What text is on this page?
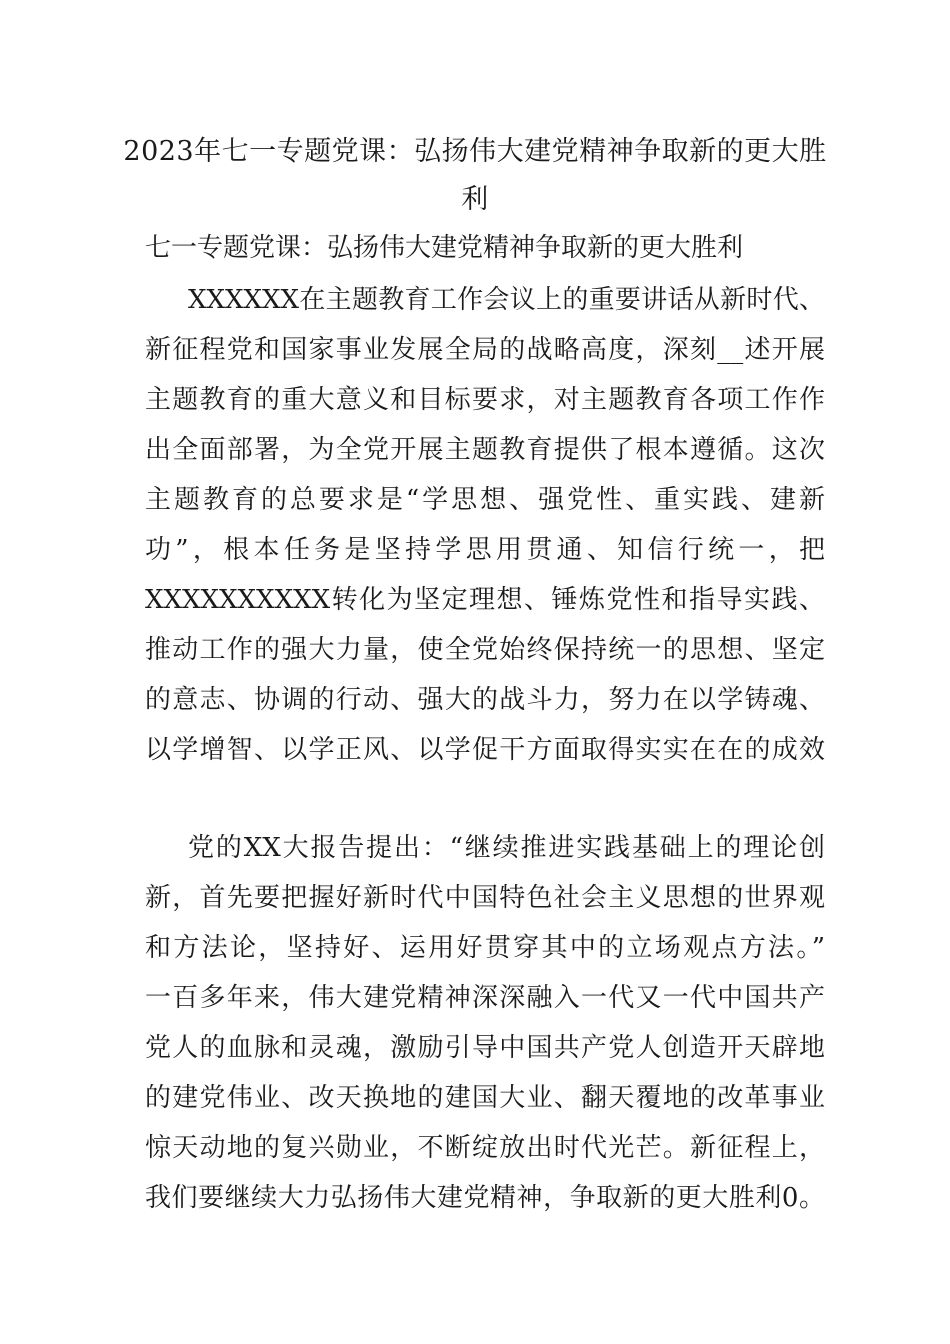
2023年七一专题党课：弘扬伟大建党精神争取新的更大胜
利
七一专题党课：弘扬伟大建党精神争取新的更大胜利
XXXXXX在主题教育工作会议上的重要讲话从新时代、
新征程党和国家事业发展全局的战略高度，深刻__述开展
主题教育的重大意义和目标要求，对主题教育各项工作作
出全面部署，为全党开展主题教育提供了根本遵循。这次
主题教育的总要求是“学思想、强党性、重实践、建新
功”，根本任务是坚持学思用贯通、知信行统一，把
XXXXXXXXXX转化为坚定理想、锤炼党性和指导实践、
推动工作的强大力量，使全党始终保持统一的思想、坚定
的意志、协调的行动、强大的战斗力，努力在以学铸魂、
以学增智、以学正风、以学促干方面取得实实在在的成效
党的XX大报告提出：“继续推进实践基础上的理论创
新，首先要把握好新时代中国特色社会主义思想的世界观
和方法论，坚持好、运用好贯穿其中的立场观点方法。”
一百多年来，伟大建党精神深深融入一代又一代中国共产
党人的血脉和灵魂，激励引导中国共产党人创造开天辟地
的建党伟业、改天换地的建国大业、翻天覆地的改革事业
惊天动地的复兴勋业，不断绽放出时代光芒。新征程上，
我们要继续大力弘扬伟大建党精神，争取新的更大胜利0。
